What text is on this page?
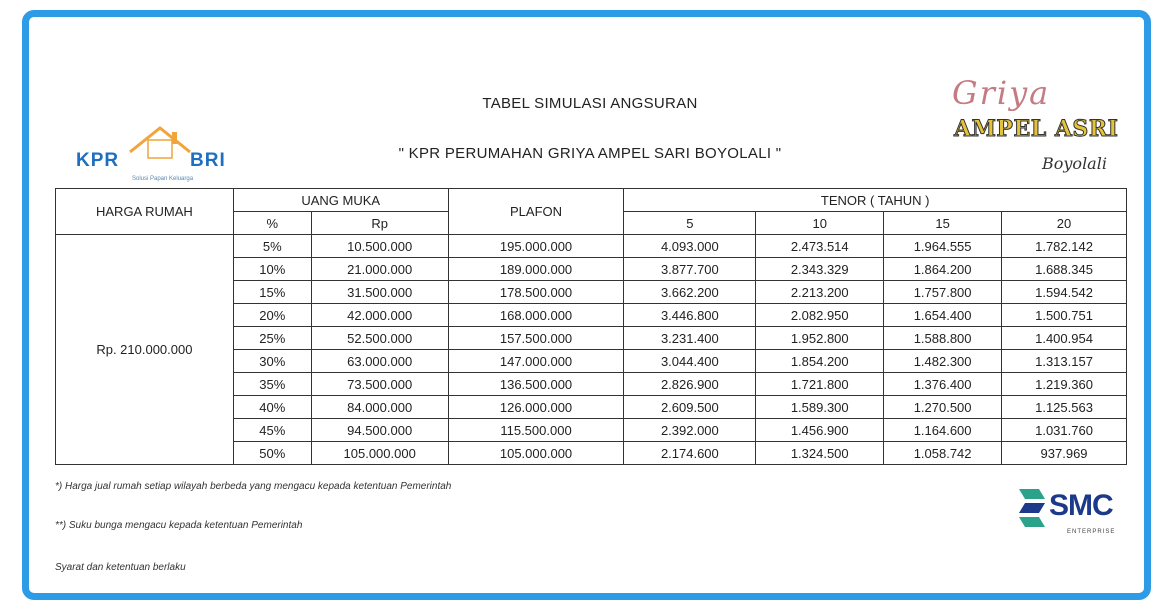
KPR	BRI
Solusi Papan Keluarga
TABEL SIMULASI ANGSURAN
" KPR PERUMAHAN GRIYA AMPEL SARI BOYOLALI "
Griya
AMPEL ASRI
Boyolali
HARGA RUMAH	UANG MUKA		PLAFON	TENOR ( TAHUN )			
	%	Rp		5	10	15	20
Rp. 210.000.000	5%	10.500.000	195.000.000	4.093.000	2.473.514	1.964.555	1.782.142
	10%	21.000.000	189.000.000	3.877.700	2.343.329	1.864.200	1.688.345
	15%	31.500.000	178.500.000	3.662.200	2.213.200	1.757.800	1.594.542
	20%	42.000.000	168.000.000	3.446.800	2.082.950	1.654.400	1.500.751
	25%	52.500.000	157.500.000	3.231.400	1.952.800	1.588.800	1.400.954
	30%	63.000.000	147.000.000	3.044.400	1.854.200	1.482.300	1.313.157
	35%	73.500.000	136.500.000	2.826.900	1.721.800	1.376.400	1.219.360
	40%	84.000.000	126.000.000	2.609.500	1.589.300	1.270.500	1.125.563
	45%	94.500.000	115.500.000	2.392.000	1.456.900	1.164.600	1.031.760
	50%	105.000.000	105.000.000	2.174.600	1.324.500	1.058.742	937.969
*) Harga jual rumah setiap wilayah berbeda yang mengacu kepada ketentuan Pemerintah
**) Suku bunga mengacu kepada ketentuan Pemerintah
Syarat dan ketentuan berlaku
SMC
ENTERPRISE
